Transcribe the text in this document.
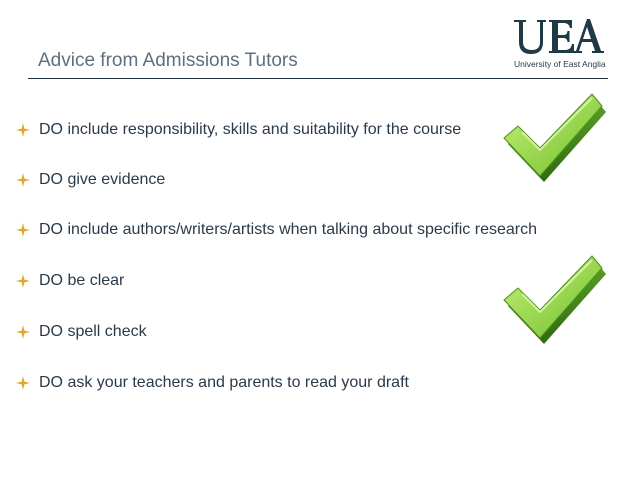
Advice from Admissions Tutors	University of East Anglia
DO include responsibility, skills and suitability for the course
DO give evidence
DO include authors/writers/artists when talking about specific research
DO be clear
DO spell check
DO ask your teachers and parents to read your draft
